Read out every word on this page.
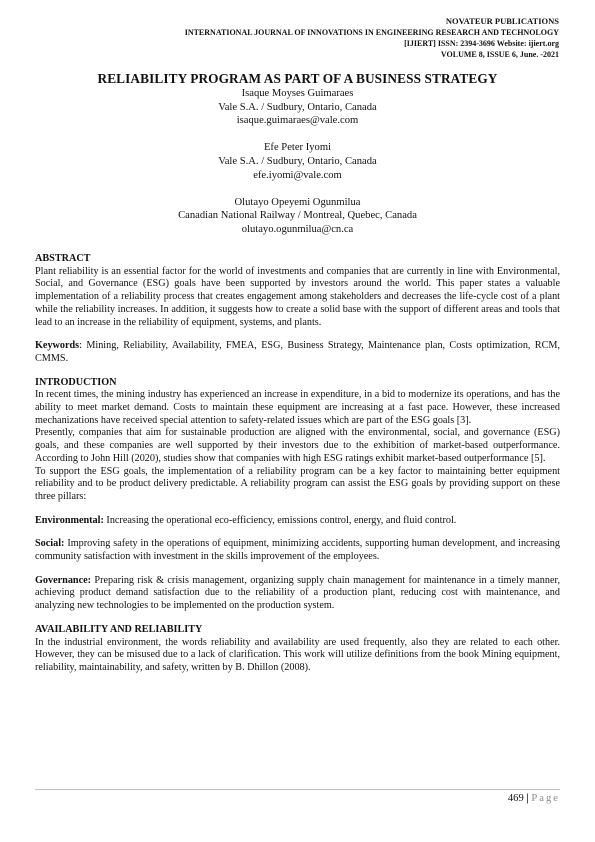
NOVATEUR PUBLICATIONS
INTERNATIONAL JOURNAL OF INNOVATIONS IN ENGINEERING RESEARCH AND TECHNOLOGY
[IJIERT] ISSN: 2394-3696 Website: ijiert.org
VOLUME 8, ISSUE 6, June. -2021
RELIABILITY PROGRAM AS PART OF A BUSINESS STRATEGY
Isaque Moyses Guimaraes
Vale S.A. / Sudbury, Ontario, Canada
isaque.guimaraes@vale.com
Efe Peter Iyomi
Vale S.A. / Sudbury, Ontario, Canada
efe.iyomi@vale.com
Olutayo Opeyemi Ogunmilua
Canadian National Railway / Montreal, Quebec, Canada
olutayo.ogunmilua@cn.ca

ABSTRACT

Plant reliability is an essential factor for the world of investments and companies that are currently in line with Environmental, Social, and Governance (ESG) goals have been supported by investors around the world. This paper states a valuable implementation of a reliability process that creates engagement among stakeholders and decreases the life-cycle cost of a plant while the reliability increases. In addition, it suggests how to create a solid base with the support of different areas and tools that lead to an increase in the reliability of equipment, systems, and plants.

Keywords: Mining, Reliability, Availability, FMEA, ESG, Business Strategy, Maintenance plan, Costs optimization, RCM, CMMS.

INTRODUCTION

In recent times, the mining industry has experienced an increase in expenditure, in a bid to modernize its operations, and has the ability to meet market demand. Costs to maintain these equipment are increasing at a fast pace. However, these increased mechanizations have received special attention to safety-related issues which are part of the ESG goals [3].

Presently, companies that aim for sustainable production are aligned with the environmental, social, and governance (ESG) goals, and these companies are well supported by their investors due to the exhibition of market-based outperformance. According to John Hill (2020), studies show that companies with high ESG ratings exhibit market-based outperformance [5].

To support the ESG goals, the implementation of a reliability program can be a key factor to maintaining better equipment reliability and to be product delivery predictable. A reliability program can assist the ESG goals by providing support on these three pillars:

Environmental: Increasing the operational eco-efficiency, emissions control, energy, and fluid control.

Social: Improving safety in the operations of equipment, minimizing accidents, supporting human development, and increasing community satisfaction with investment in the skills improvement of the employees.

Governance: Preparing risk & crisis management, organizing supply chain management for maintenance in a timely manner, achieving product demand satisfaction due to the reliability of a production plant, reducing cost with maintenance, and analyzing new technologies to be implemented on the production system.

AVAILABILITY AND RELIABILITY

In the industrial environment, the words reliability and availability are used frequently, also they are related to each other. However, they can be misused due to a lack of clarification. This work will utilize definitions from the book Mining equipment, reliability, maintainability, and safety, written by B. Dhillon (2008).

469 | Page
